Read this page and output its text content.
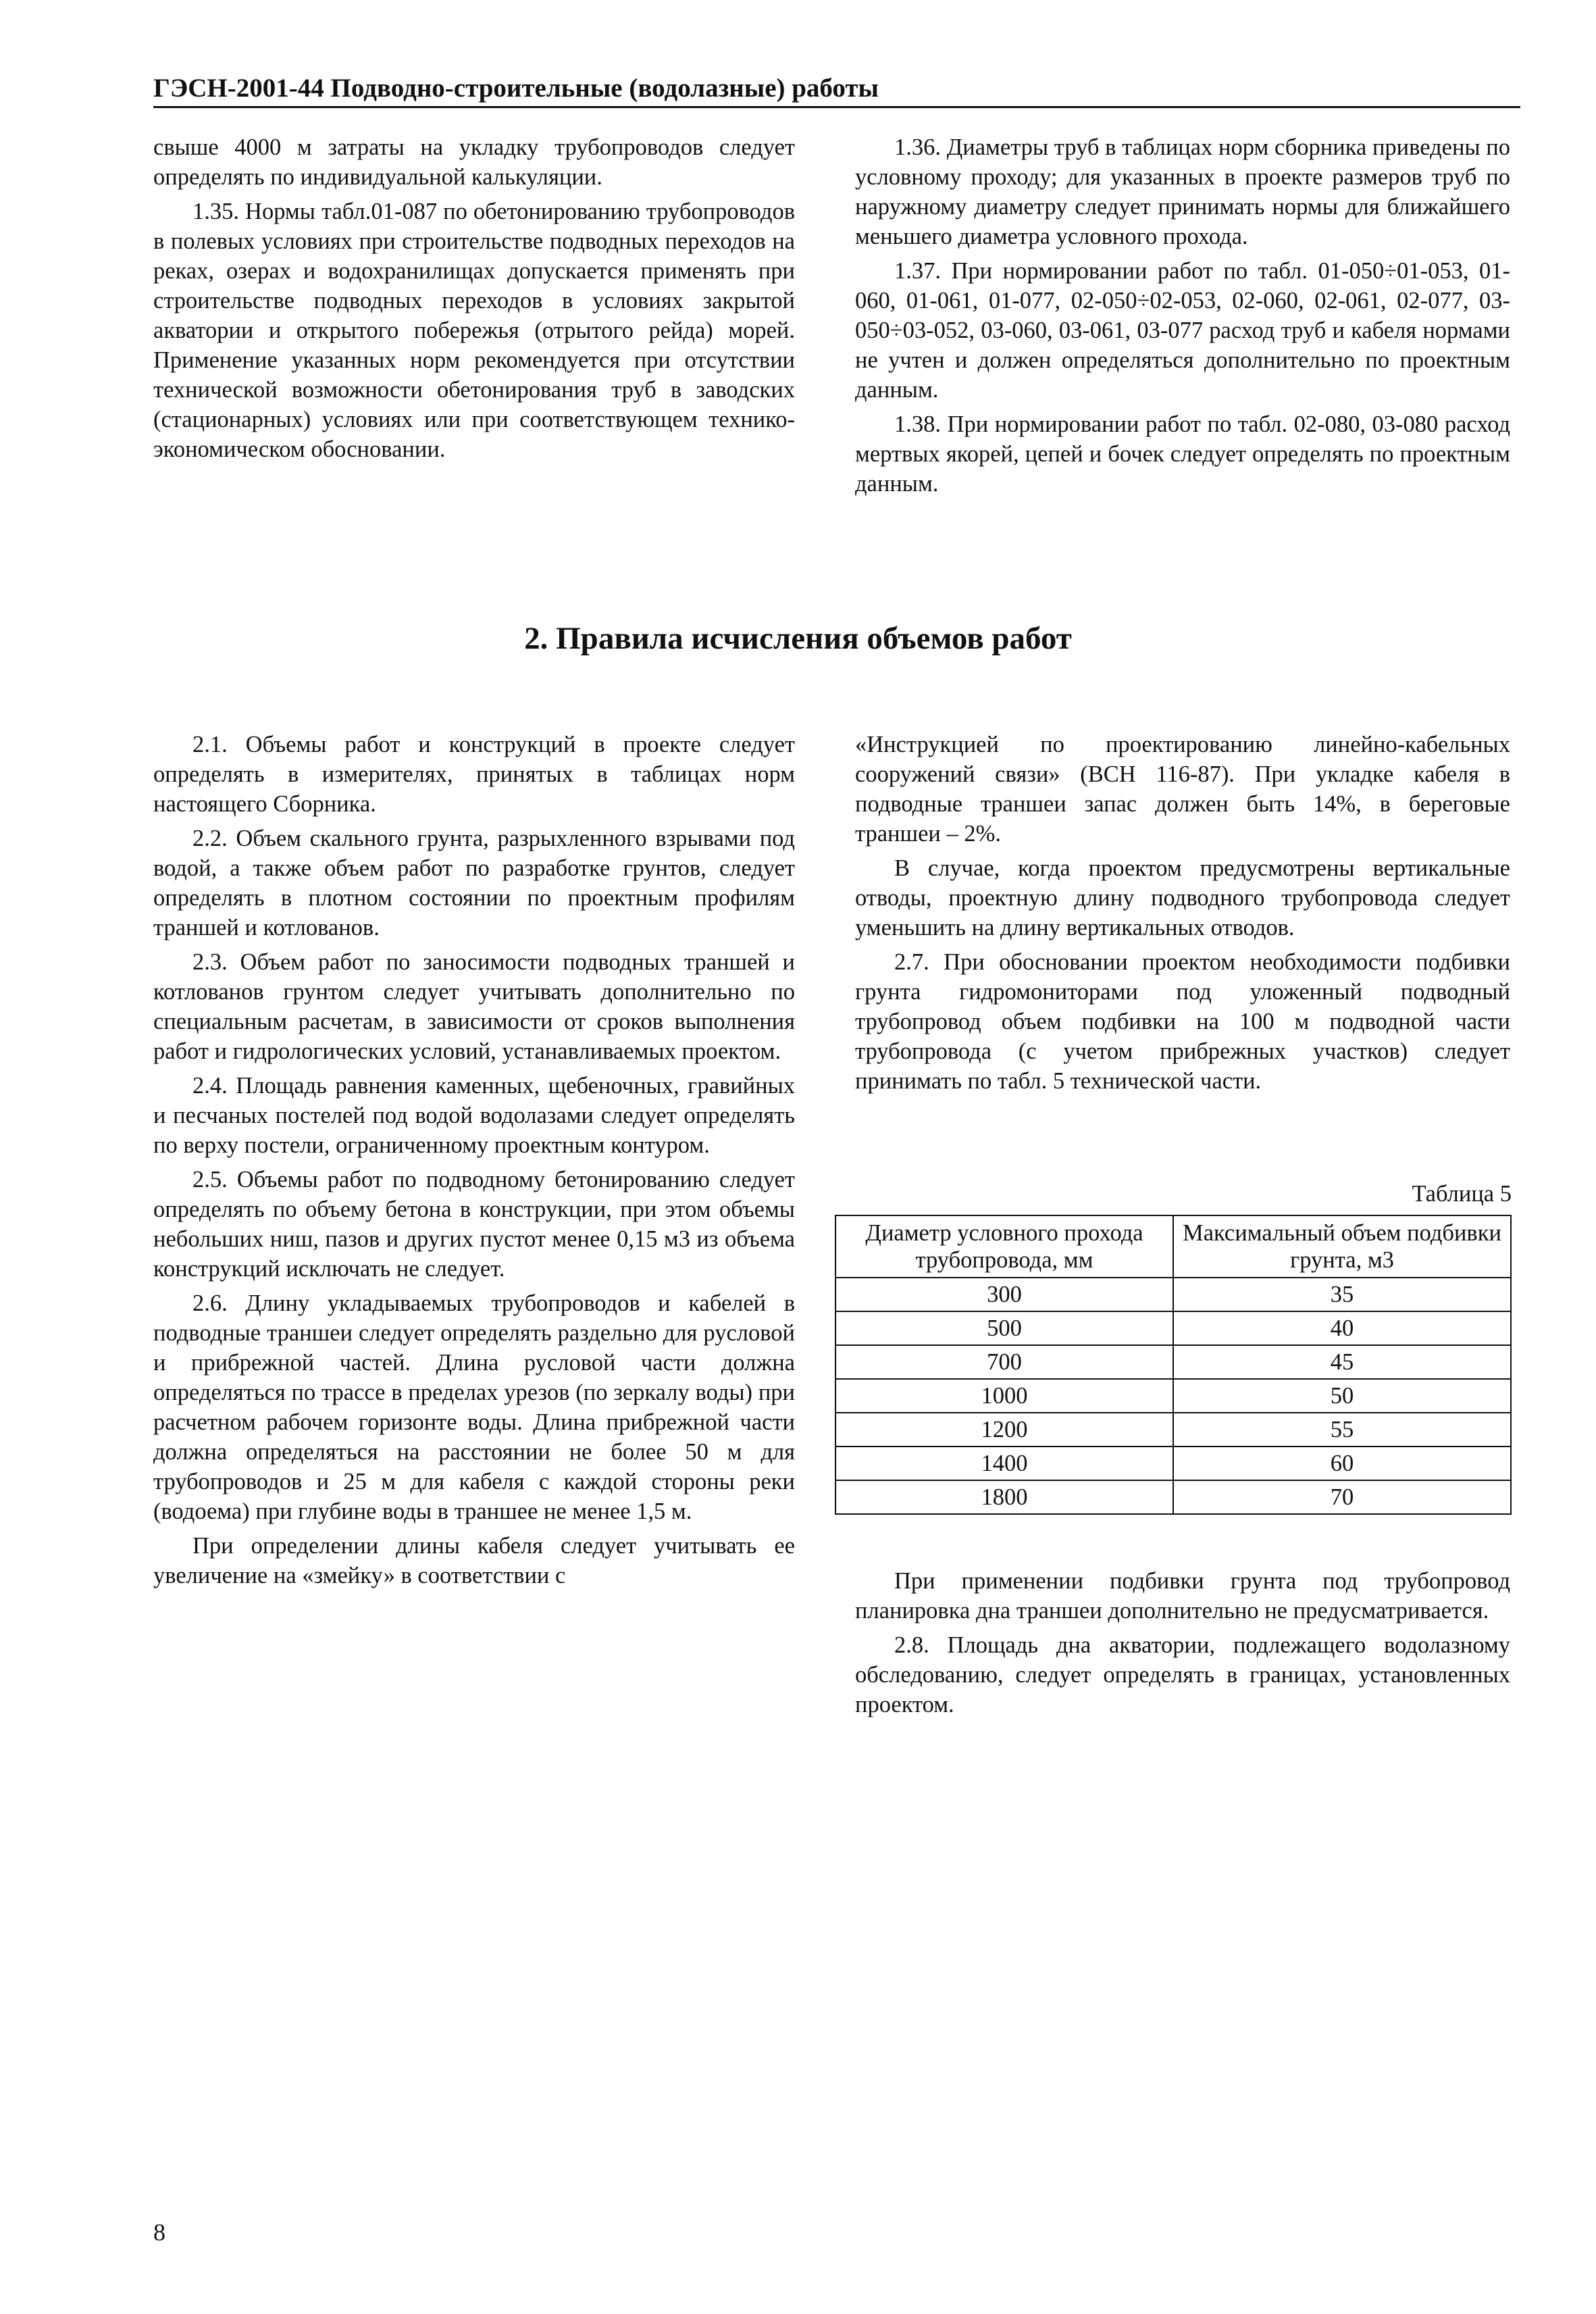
ГЭСН-2001-44 Подводно-строительные (водолазные) работы

свыше 4000 м затраты на укладку трубопроводов следует определять по индивидуальной калькуляции.

1.35. Нормы табл.01-087 по обетонированию трубопроводов в полевых условиях при строительстве подводных переходов на реках, озерах и водохранилищах допускается применять при строительстве подводных переходов в условиях закрытой акватории и открытого побережья (отрытого рейда) морей. Применение указанных норм рекомендуется при отсутствии технической возможности обетонирования труб в заводских (стационарных) условиях или при соответствующем технико-экономическом обосновании.

1.36. Диаметры труб в таблицах норм сборника приведены по условному проходу; для указанных в проекте размеров труб по наружному диаметру следует принимать нормы для ближайшего меньшего диаметра условного прохода.

1.37. При нормировании работ по табл. 01-050÷01-053, 01-060, 01-061, 01-077, 02-050÷02-053, 02-060, 02-061, 02-077, 03-050÷03-052, 03-060, 03-061, 03-077 расход труб и кабеля нормами не учтен и должен определяться дополнительно по проектным данным.

1.38. При нормировании работ по табл. 02-080, 03-080 расход мертвых якорей, цепей и бочек следует определять по проектным данным.

2. Правила исчисления объемов работ

2.1. Объемы работ и конструкций в проекте следует определять в измерителях, принятых в таблицах норм настоящего Сборника.

2.2. Объем скального грунта, разрыхленного взрывами под водой, а также объем работ по разработке грунтов, следует определять в плотном состоянии по проектным профилям траншей и котлованов.

2.3. Объем работ по заносимости подводных траншей и котлованов грунтом следует учитывать дополнительно по специальным расчетам, в зависимости от сроков выполнения работ и гидрологических условий, устанавливаемых проектом.

2.4. Площадь равнения каменных, щебеночных, гравийных и песчаных постелей под водой водолазами следует определять по верху постели, ограниченному проектным контуром.

2.5. Объемы работ по подводному бетонированию следует определять по объему бетона в конструкции, при этом объемы небольших ниш, пазов и других пустот менее 0,15 м3 из объема конструкций исключать не следует.

2.6. Длину укладываемых трубопроводов и кабелей в подводные траншеи следует определять раздельно для русловой и прибрежной частей. Длина русловой части должна определяться по трассе в пределах урезов (по зеркалу воды) при расчетном рабочем горизонте воды. Длина прибрежной части должна определяться на расстоянии не более 50 м для трубопроводов и 25 м для кабеля с каждой стороны реки (водоема) при глубине воды в траншее не менее 1,5 м.

При определении длины кабеля следует учитывать ее увеличение на «змейку» в соответствии с

«Инструкцией по проектированию линейно-кабельных сооружений связи» (ВСН 116-87). При укладке кабеля в подводные траншеи запас должен быть 14%, в береговые траншеи – 2%.

В случае, когда проектом предусмотрены вертикальные отводы, проектную длину подводного трубопровода следует уменьшить на длину вертикальных отводов.

2.7. При обосновании проектом необходимости подбивки грунта гидромониторами под уложенный подводный трубопровод объем подбивки на 100 м подводной части трубопровода (с учетом прибрежных участков) следует принимать по табл. 5 технической части.

Таблица 5
Диаметр условного прохода трубопровода, мм	Максимальный объем подбивки грунта, м3
300	35
500	40
700	45
1000	50
1200	55
1400	60
1800	70

При применении подбивки грунта под трубопровод планировка дна траншеи дополнительно не предусматривается.

2.8. Площадь дна акватории, подлежащего водолазному обследованию, следует определять в границах, установленных проектом.

8
